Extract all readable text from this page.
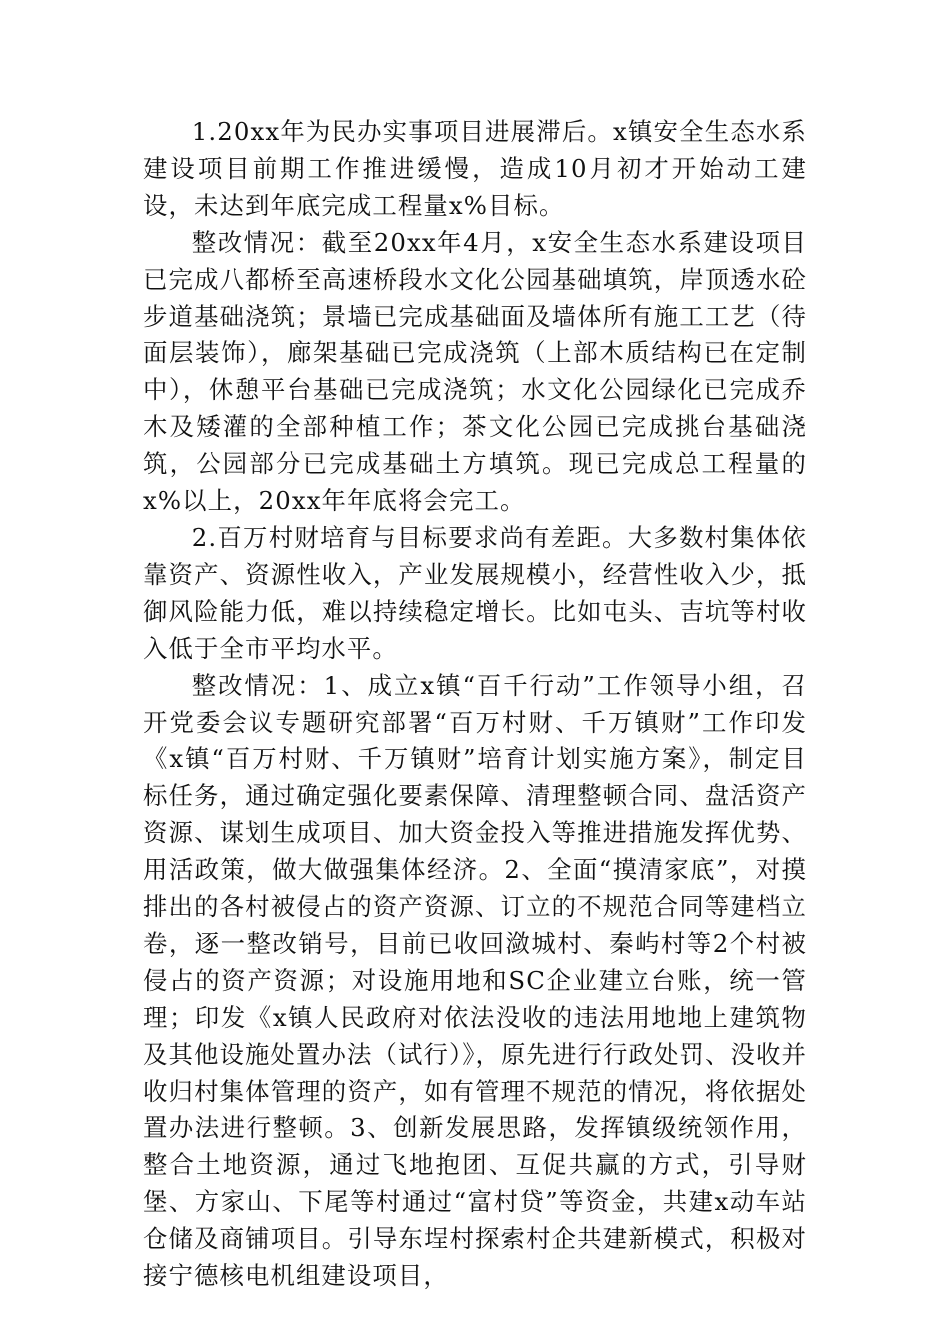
1.20xx年为民办实事项目进展滞后。x镇安全生态水系建设项目前期工作推进缓慢，造成10月初才开始动工建设，未达到年底完成工程量x%目标。

整改情况：截至20xx年4月，x安全生态水系建设项目已完成八都桥至高速桥段水文化公园基础填筑，岸顶透水砼步道基础浇筑；景墙已完成基础面及墙体所有施工工艺（待面层装饰），廊架基础已完成浇筑（上部木质结构已在定制中），休憩平台基础已完成浇筑；水文化公园绿化已完成乔木及矮灌的全部种植工作；茶文化公园已完成挑台基础浇筑，公园部分已完成基础土方填筑。现已完成总工程量的x%以上，20xx年年底将会完工。

2.百万村财培育与目标要求尚有差距。大多数村集体依靠资产、资源性收入，产业发展规模小，经营性收入少，抵御风险能力低，难以持续稳定增长。比如屯头、吉坑等村收入低于全市平均水平。

整改情况：1、成立x镇“百千行动”工作领导小组，召开党委会议专题研究部署“百万村财、千万镇财”工作印发《x镇“百万村财、千万镇财”培育计划实施方案》，制定目标任务，通过确定强化要素保障、清理整顿合同、盘活资产资源、谋划生成项目、加大资金投入等推进措施发挥优势、用活政策，做大做强集体经济。2、全面“摸清家底”，对摸排出的各村被侵占的资产资源、订立的不规范合同等建档立卷，逐一整改销号，目前已收回潋城村、秦屿村等2个村被侵占的资产资源；对设施用地和SC企业建立台账，统一管理；印发《x镇人民政府对依法没收的违法用地地上建筑物及其他设施处置办法（试行）》，原先进行行政处罚、没收并收归村集体管理的资产，如有管理不规范的情况，将依据处置办法进行整顿。3、创新发展思路，发挥镇级统领作用，整合土地资源，通过飞地抱团、互促共赢的方式，引导财堡、方家山、下尾等村通过“富村贷”等资金，共建x动车站仓储及商铺项目。引导东埕村探索村企共建新模式，积极对接宁德核电机组建设项目，
